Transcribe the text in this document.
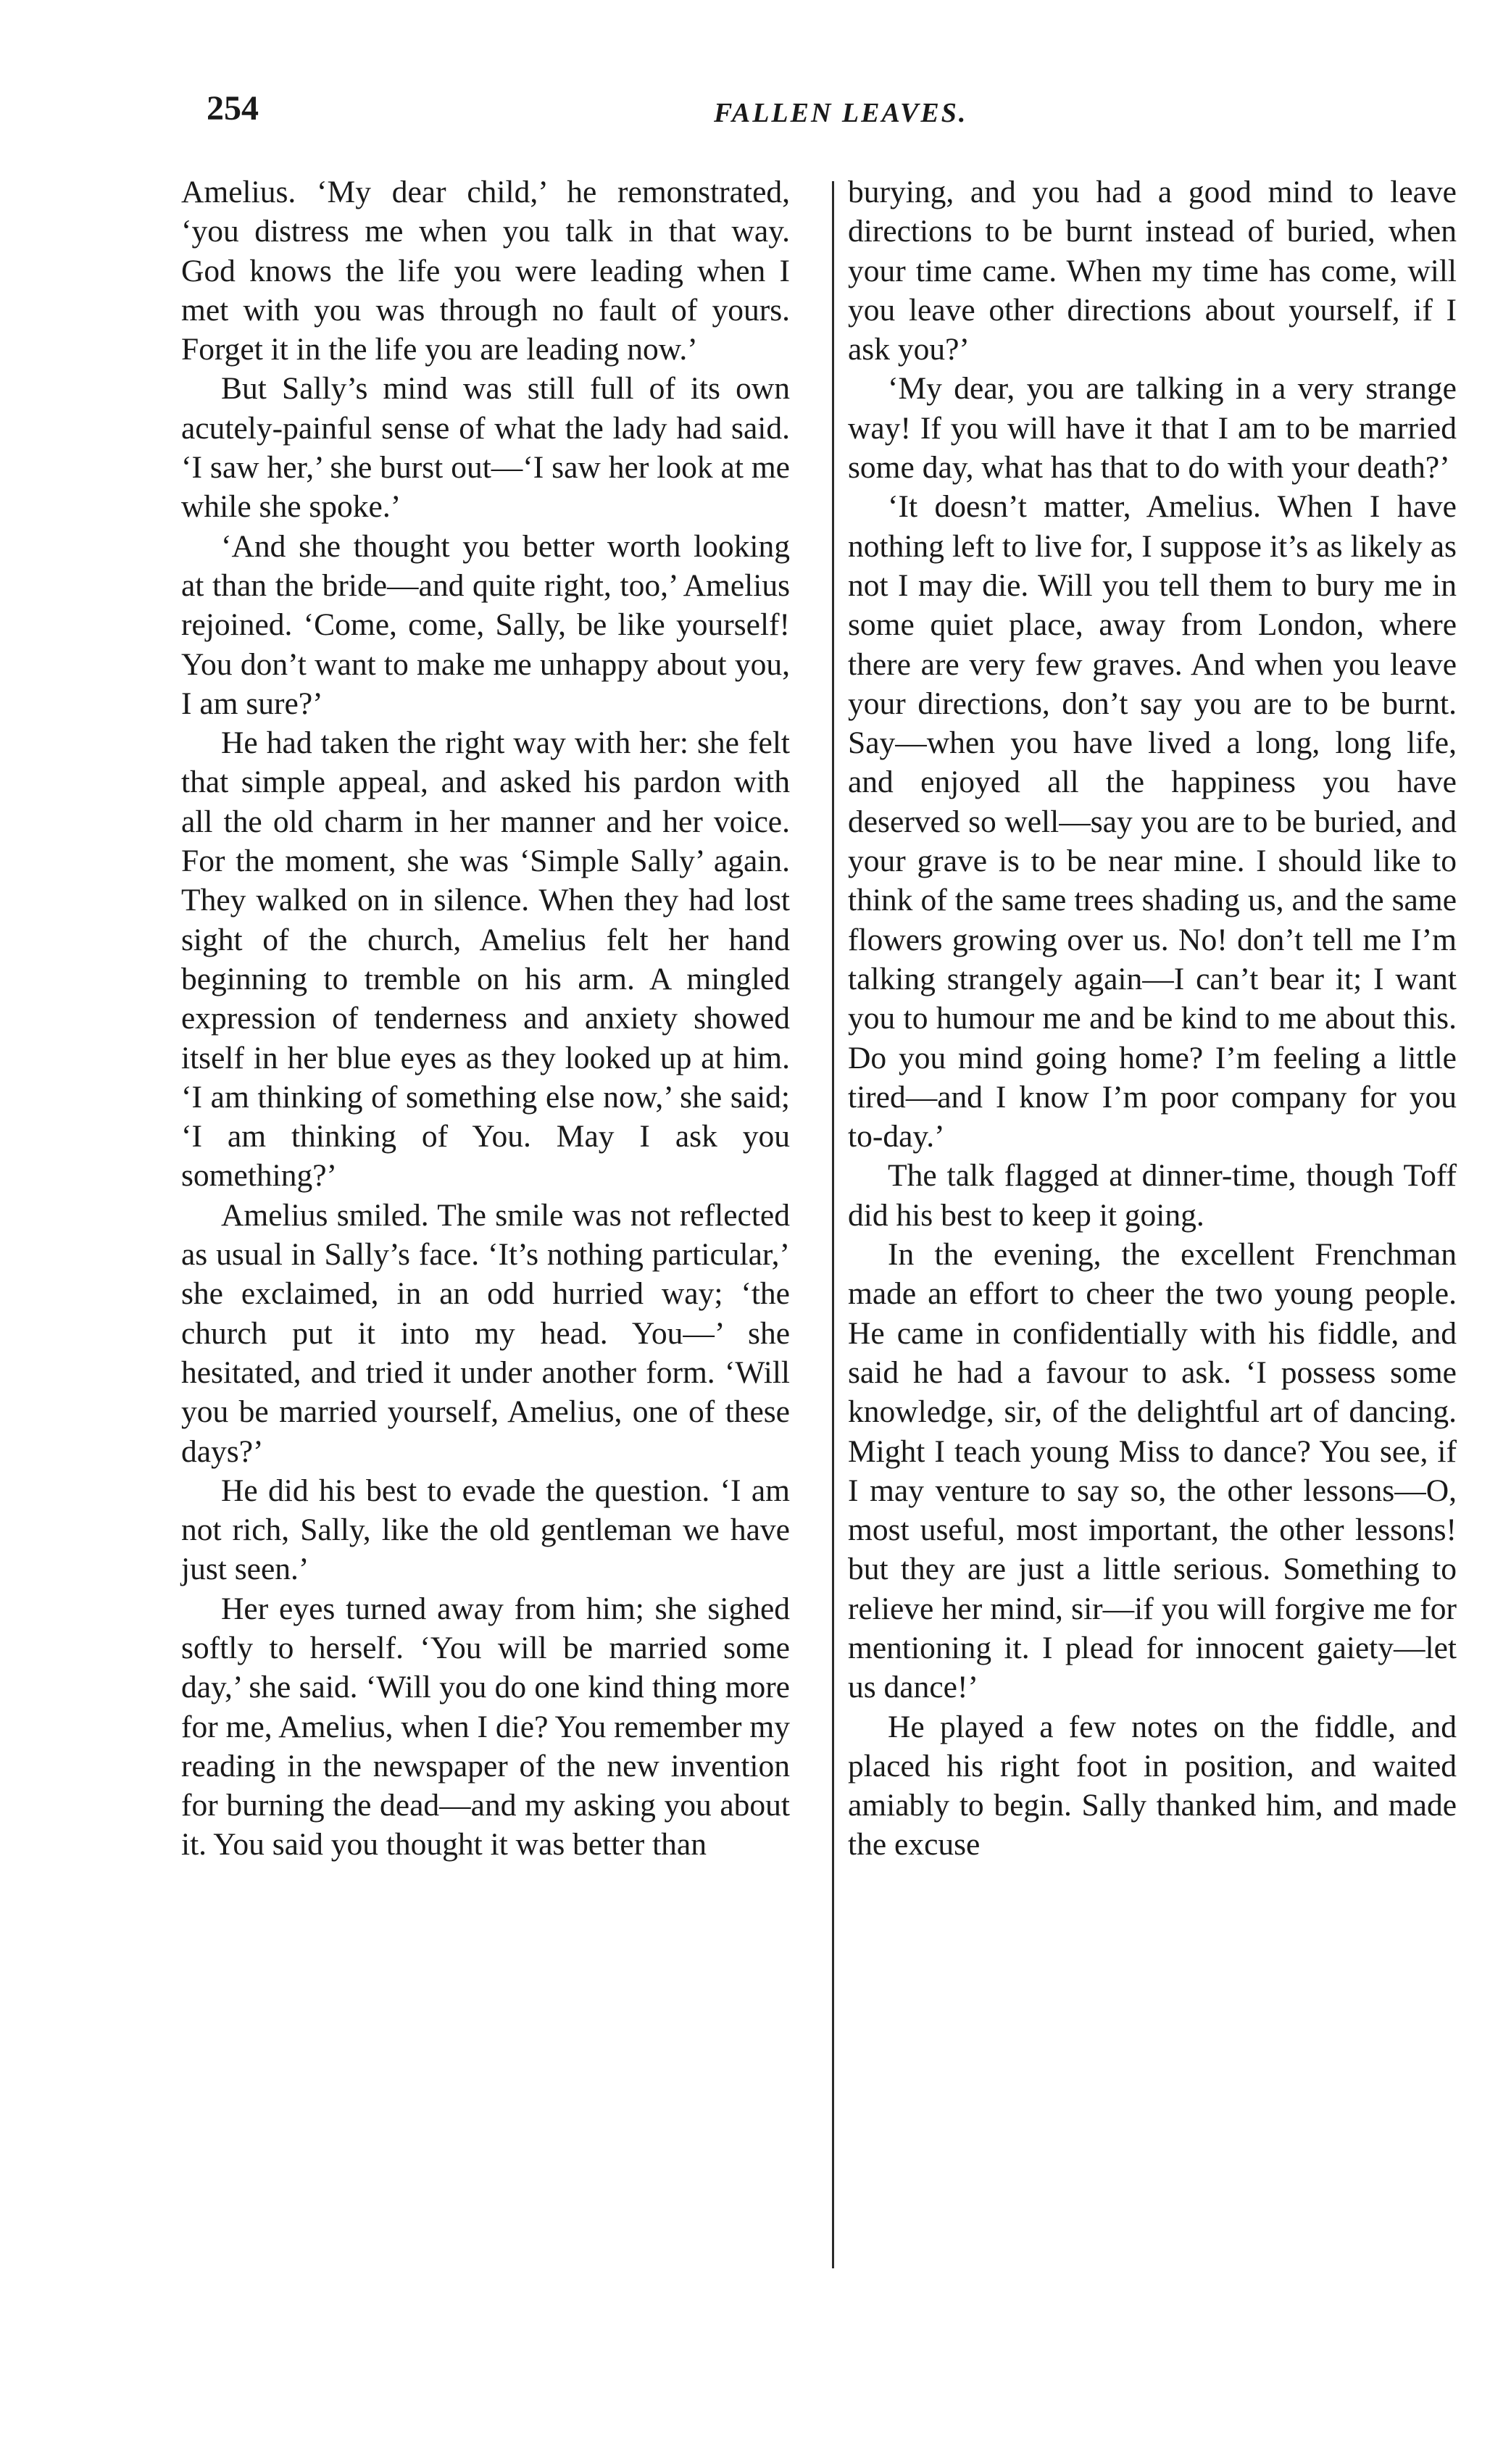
254	FALLEN LEAVES.

Amelius. ‘My dear child,’ he remonstrated, ‘you distress me when you talk in that way. God knows the life you were leading when I met with you was through no fault of yours. Forget it in the life you are leading now.’

But Sally’s mind was still full of its own acutely-painful sense of what the lady had said. ‘I saw her,’ she burst out—‘I saw her look at me while she spoke.’

‘And she thought you better worth looking at than the bride—and quite right, too,’ Amelius rejoined. ‘Come, come, Sally, be like yourself! You don’t want to make me unhappy about you, I am sure?’

He had taken the right way with her: she felt that simple appeal, and asked his pardon with all the old charm in her manner and her voice. For the moment, she was ‘Simple Sally’ again. They walked on in silence. When they had lost sight of the church, Amelius felt her hand beginning to tremble on his arm. A mingled expression of tenderness and anxiety showed itself in her blue eyes as they looked up at him. ‘I am thinking of something else now,’ she said; ‘I am thinking of You. May I ask you something?’

Amelius smiled. The smile was not reflected as usual in Sally’s face. ‘It’s nothing particular,’ she exclaimed, in an odd hurried way; ‘the church put it into my head. You—’ she hesitated, and tried it under another form. ‘Will you be married yourself, Amelius, one of these days?’

He did his best to evade the question. ‘I am not rich, Sally, like the old gentleman we have just seen.’

Her eyes turned away from him; she sighed softly to herself. ‘You will be married some day,’ she said. ‘Will you do one kind thing more for me, Amelius, when I die? You remember my reading in the newspaper of the new invention for burning the dead—and my asking you about it. You said you thought it was better than

burying, and you had a good mind to leave directions to be burnt instead of buried, when your time came. When my time has come, will you leave other directions about yourself, if I ask you?’

‘My dear, you are talking in a very strange way! If you will have it that I am to be married some day, what has that to do with your death?’

‘It doesn’t matter, Amelius. When I have nothing left to live for, I suppose it’s as likely as not I may die. Will you tell them to bury me in some quiet place, away from London, where there are very few graves. And when you leave your directions, don’t say you are to be burnt. Say—when you have lived a long, long life, and enjoyed all the happiness you have deserved so well—say you are to be buried, and your grave is to be near mine. I should like to think of the same trees shading us, and the same flowers growing over us. No! don’t tell me I’m talking strangely again—I can’t bear it; I want you to humour me and be kind to me about this. Do you mind going home? I’m feeling a little tired—and I know I’m poor company for you to-day.’

The talk flagged at dinner-time, though Toff did his best to keep it going.

In the evening, the excellent Frenchman made an effort to cheer the two young people. He came in confidentially with his fiddle, and said he had a favour to ask. ‘I possess some knowledge, sir, of the delightful art of dancing. Might I teach young Miss to dance? You see, if I may venture to say so, the other lessons—O, most useful, most important, the other lessons! but they are just a little serious. Something to relieve her mind, sir—if you will forgive me for mentioning it. I plead for innocent gaiety—let us dance!’

He played a few notes on the fiddle, and placed his right foot in position, and waited amiably to begin. Sally thanked him, and made the excuse
